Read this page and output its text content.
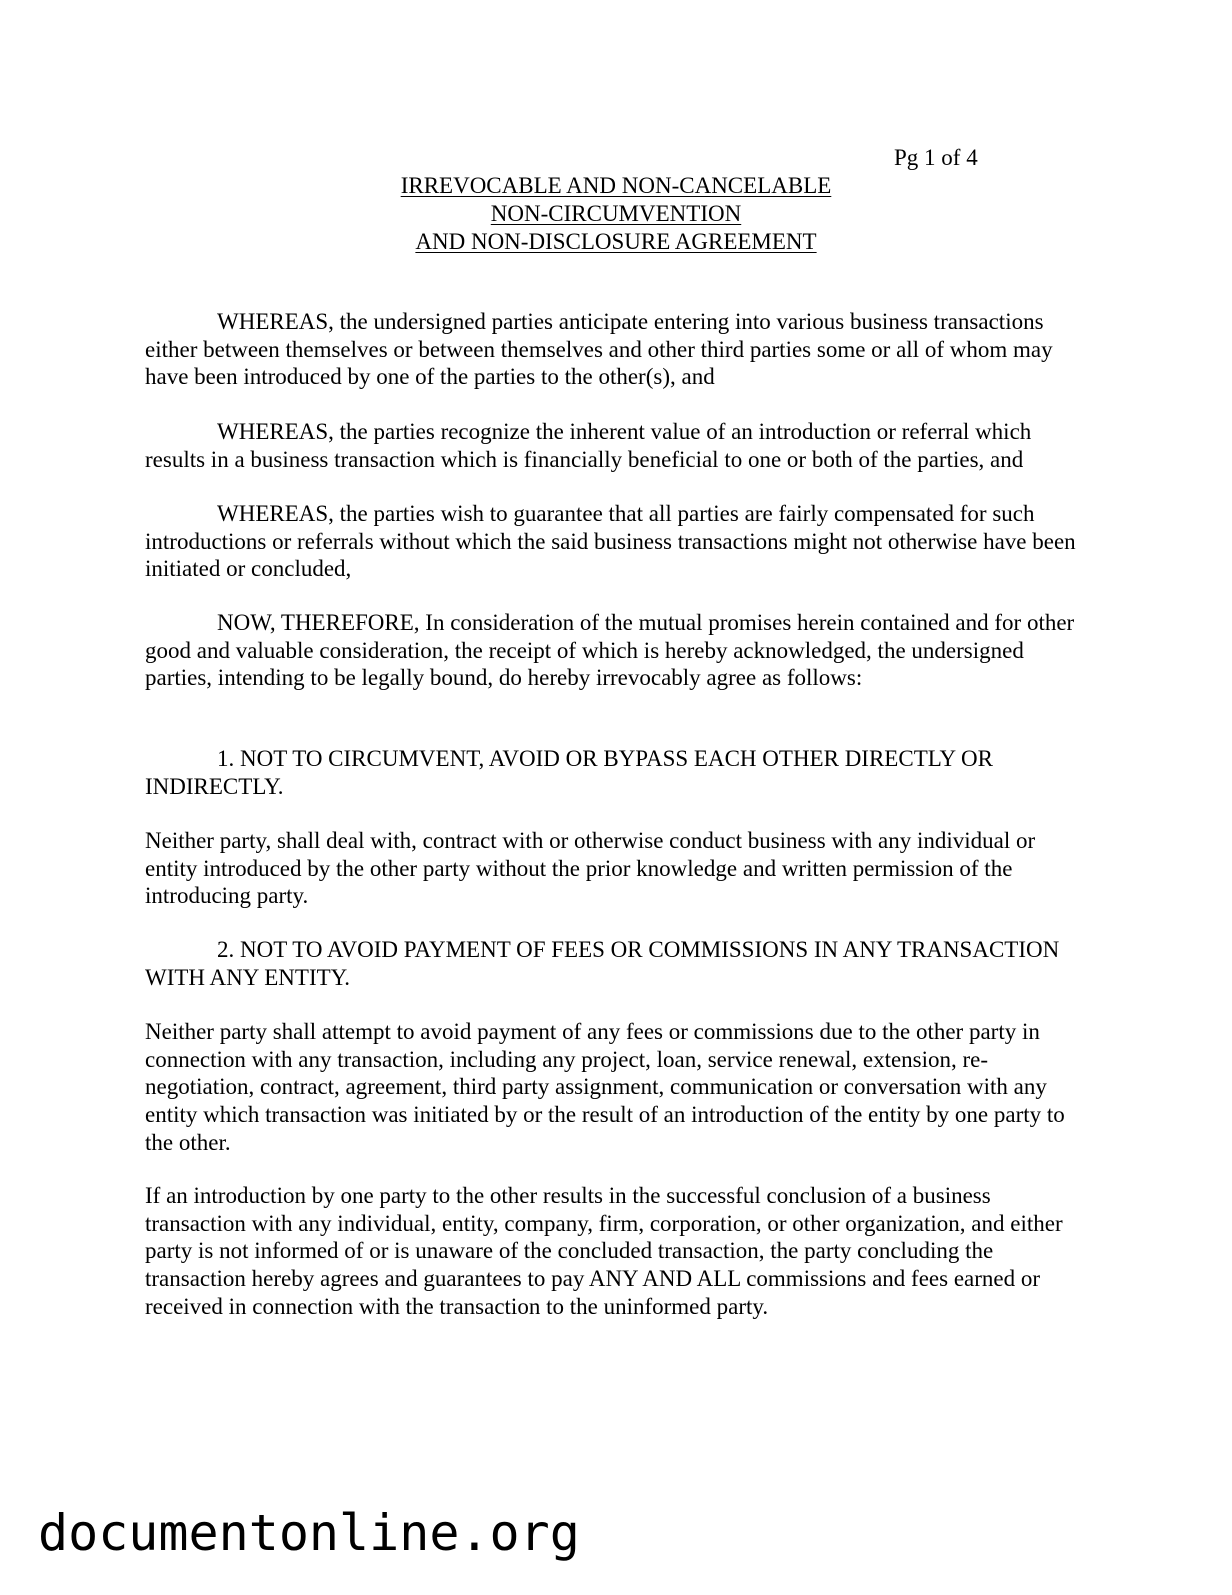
Pg 1 of 4
IRREVOCABLE AND NON-CANCELABLE
NON-CIRCUMVENTION
AND NON-DISCLOSURE AGREEMENT

WHEREAS, the undersigned parties anticipate entering into various business transactions either between themselves or between themselves and other third parties some or all of whom may have been introduced by one of the parties to the other(s), and

WHEREAS, the parties recognize the inherent value of an introduction or referral which results in a business transaction which is financially beneficial to one or both of the parties, and

WHEREAS, the parties wish to guarantee that all parties are fairly compensated for such introductions or referrals without which the said business transactions might not otherwise have been initiated or concluded,

NOW, THEREFORE, In consideration of the mutual promises herein contained and for other good and valuable consideration, the receipt of which is hereby acknowledged, the undersigned parties, intending to be legally bound, do hereby irrevocably agree as follows:

1. NOT TO CIRCUMVENT, AVOID OR BYPASS EACH OTHER DIRECTLY OR INDIRECTLY.

Neither party, shall deal with, contract with or otherwise conduct business with any individual or entity introduced by the other party without the prior knowledge and written permission of the introducing party.

2. NOT TO AVOID PAYMENT OF FEES OR COMMISSIONS IN ANY TRANSACTION WITH ANY ENTITY.

Neither party shall attempt to avoid payment of any fees or commissions due to the other party in connection with any transaction, including any project, loan, service renewal, extension, re-negotiation, contract, agreement, third party assignment, communication or conversation with any entity which transaction was initiated by or the result of an introduction of the entity by one party to the other.

If an introduction by one party to the other results in the successful conclusion of a business transaction with any individual, entity, company, firm, corporation, or other organization, and either party is not informed of or is unaware of the concluded transaction, the party concluding the transaction hereby agrees and guarantees to pay ANY AND ALL commissions and fees earned or received in connection with the transaction to the uninformed party.

documentonline.org
